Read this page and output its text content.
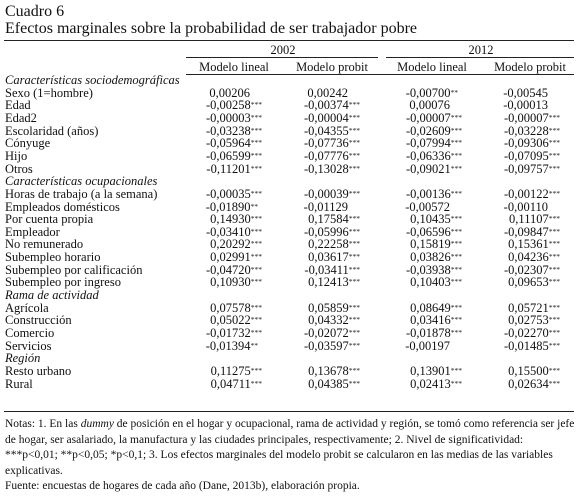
Cuadro 6
Efectos marginales sobre la probabilidad de ser trabajador pobre
2002	2012
Modelo lineal	Modelo probit	Modelo lineal	Modelo probit
Características sociodemográficas
Sexo (1=hombre)	0,00206	0,00242	-0,00700**	-0,00545
Edad	-0,00258***	-0,00374***	0,00076	-0,00013
Edad2	-0,00003***	-0,00004***	-0,00007***	-0,00007***
Escolaridad (años)	-0,03238***	-0,04355***	-0,02609***	-0,03228***
Cónyuge	-0,05964***	-0,07736***	-0,07994***	-0,09306***
Hijo	-0,06599***	-0,07776***	-0,06336***	-0,07095***
Otros	-0,11201***	-0,13028***	-0,09021***	-0,09757***
Características ocupacionales
Horas de trabajo (a la semana)	-0,00035***	-0,00039***	-0,00136***	-0,00122***
Empleados domésticos	-0,01890**	-0,01129	-0,00572	-0,00110
Por cuenta propia	0,14930***	0,17584***	0,10435***	0,11107***
Empleador	-0,03410***	-0,05996***	-0,06596***	-0,09847***
No remunerado	0,20292***	0,22258***	0,15819***	0,15361***
Subempleo horario	0,02991***	0,03617***	0,03826***	0,04236***
Subempleo por calificación	-0,04720***	-0,03411***	-0,03938***	-0,02307***
Subempleo por ingreso	0,10930***	0,12413***	0,10403***	0,09653***
Rama de actividad
Agrícola	0,07578***	0,05859***	0,08649***	0,05721***
Construcción	0,05022***	0,04332***	0,03416***	0,02753***
Comercio	-0,01732***	-0,02072***	-0,01878***	-0,02270***
Servicios	-0,01394**	-0,03597***	-0,00197	-0,01485***
Región
Resto urbano	0,11275***	0,13678***	0,13901***	0,15500***
Rural	0,04711***	0,04385***	0,02413***	0,02634***

Notas: 1. En las dummy de posición en el hogar y ocupacional, rama de actividad y región, se tomó como referencia ser jefe de hogar, ser asalariado, la manufactura y las ciudades principales, respectivamente; 2. Nivel de significatividad: ***p<0,01; **p<0,05; *p<0,1; 3. Los efectos marginales del modelo probit se calcularon en las medias de las variables explicativas.

Fuente: encuestas de hogares de cada año (Dane, 2013b), elaboración propia.
